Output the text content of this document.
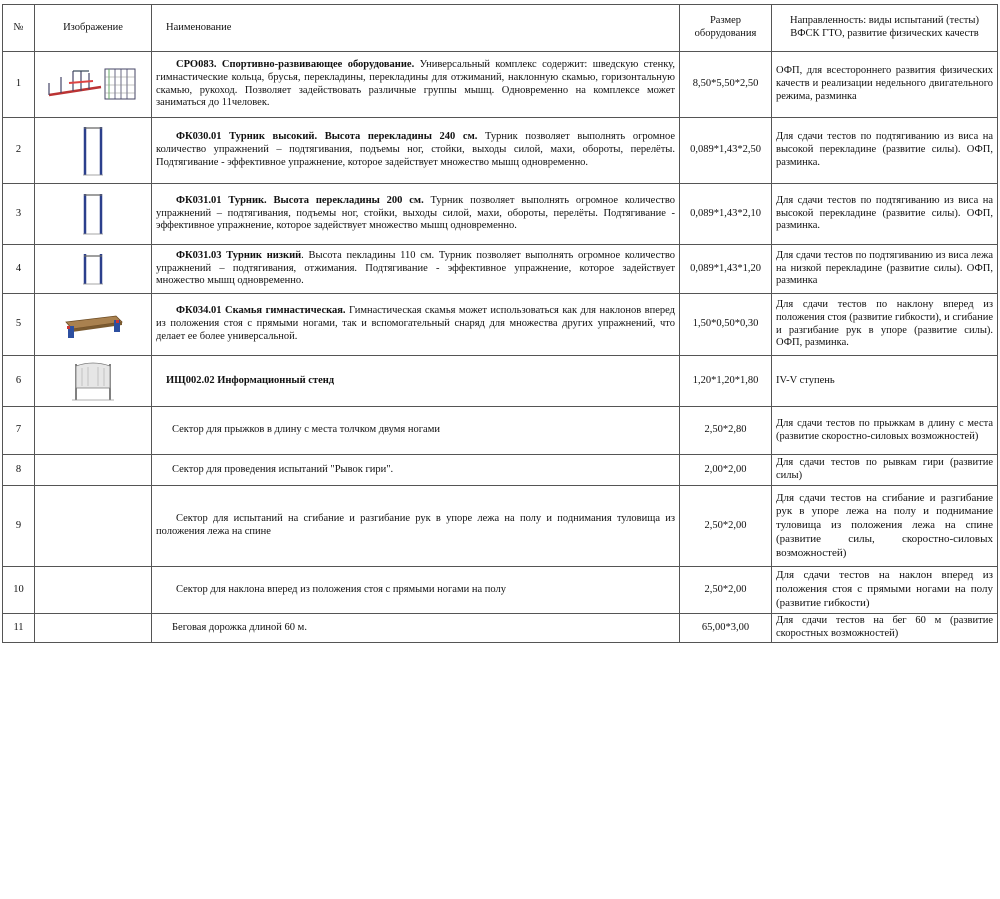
№	Изображение	Наименование	Размер оборудования	Направленность: виды испытаний (тесты) ВФСК ГТО, развитие физических качеств
1		СРО083. Спортивно-развивающее оборудование. Универсальный комплекс содержит: шведскую стенку, гимнастические кольца, брусья, перекладины, перекладины для отжиманий, наклонную скамью, горизонтальную скамью, рукоход. Позволяет задействовать различные группы мышц. Одновременно на комплексе может заниматься до 11человек.	8,50*5,50*2,50	ОФП, для всестороннего развития физических качеств и реализации недельного двигательного режима, разминка
2		ФК030.01 Турник высокий. Высота перекладины 240 см. Турник позволяет выполнять огромное количество упражнений – подтягивания, подъемы ног, стойки, выходы силой, махи, обороты, перелёты. Подтягивание - эффективное упражнение, которое задействует множество мышц одновременно.	0,089*1,43*2,50	Для сдачи тестов по подтягиванию из виса на высокой перекладине (развитие силы). ОФП, разминка.
3		ФК031.01 Турник. Высота перекладины 200 см. Турник позволяет выполнять огромное количество упражнений – подтягивания, подъемы ног, стойки, выходы силой, махи, обороты, перелёты. Подтягивание - эффективное упражнение, которое задействует множество мышц одновременно.	0,089*1,43*2,10	Для сдачи тестов по подтягиванию из виса на высокой перекладине (развитие силы). ОФП, разминка.
4		ФК031.03 Турник низкий. Высота пекладины 110 см. Турник позволяет выполнять огромное количество упражнений – подтягивания, отжимания. Подтягивание - эффективное упражнение, которое задействует множество мышц одновременно.	0,089*1,43*1,20	Для сдачи тестов по подтягиванию из виса лежа на низкой перекладине (развитие силы). ОФП, разминка
5		ФК034.01 Скамья гимнастическая. Гимнастическая скамья может использоваться как для наклонов вперед из положения стоя с прямыми ногами, так и вспомогательный снаряд для множества других упражнений, что делает ее более универсальной.	1,50*0,50*0,30	Для сдачи тестов по наклону вперед из положения стоя (развитие гибкости), и сгибание и разгибание рук в упоре (развитие силы). ОФП, разминка.
6		ИЩ002.02 Информационный стенд	1,20*1,20*1,80	IV-V ступень
7		Сектор для прыжков в длину с места толчком двумя ногами	2,50*2,80	Для сдачи тестов по прыжкам в длину с места (развитие скоростно-силовых возможностей)
8		Сектор для проведения испытаний "Рывок гири".	2,00*2,00	Для сдачи тестов по рывкам гири (развитие силы)
9		Сектор для испытаний на сгибание и разгибание рук в упоре лежа на полу и поднимания туловища из положения лежа на спине	2,50*2,00	Для сдачи тестов на сгибание и разгибание рук в упоре лежа на полу и поднимание туловища из положения лежа на спине (развитие силы, скоростно-силовых возможностей)
10		Сектор для наклона вперед из положения стоя с прямыми ногами на полу	2,50*2,00	Для сдачи тестов на наклон вперед из положения стоя с прямыми ногами на полу (развитие гибкости)
11		Беговая дорожка длиной 60 м.	65,00*3,00	Для сдачи тестов на бег 60 м (развитие скоростных возможностей)
